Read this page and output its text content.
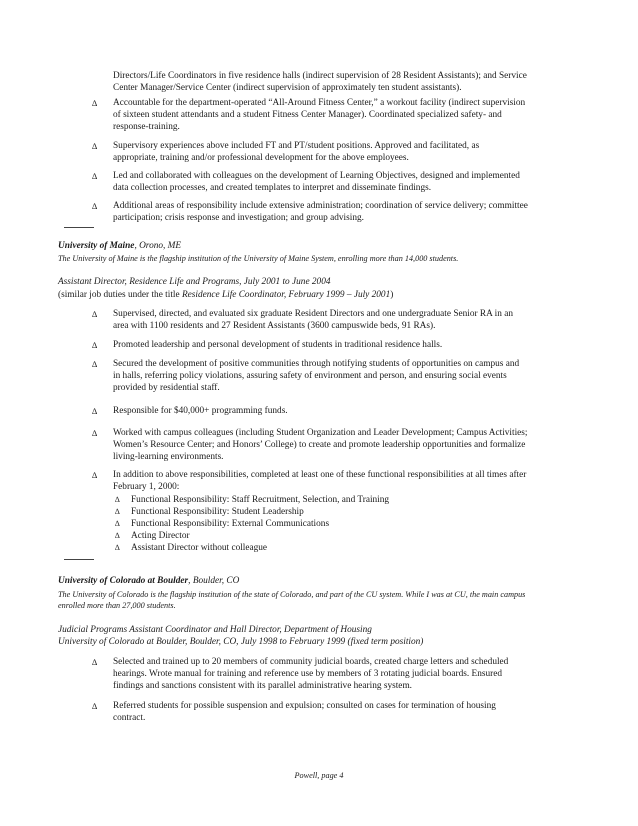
Directors/Life Coordinators in five residence halls (indirect supervision of 28 Resident Assistants); and Service
Center Manager/Service Center (indirect supervision of approximately ten student assistants).
∆ Accountable for the department-operated “All-Around Fitness Center,” a workout facility (indirect supervision
of sixteen student attendants and a student Fitness Center Manager). Coordinated specialized safety- and
response-training.
∆ Supervisory experiences above included FT and PT/student positions. Approved and facilitated, as
appropriate, training and/or professional development for the above employees.
∆ Led and collaborated with colleagues on the development of Learning Objectives, designed and implemented
data collection processes, and created templates to interpret and disseminate findings.
∆ Additional areas of responsibility include extensive administration; coordination of service delivery; committee
participation; crisis response and investigation; and group advising.
University of Maine, Orono, ME
The University of Maine is the flagship institution of the University of Maine System, enrolling more than 14,000 students.
Assistant Director, Residence Life and Programs, July 2001 to June 2004
(similar job duties under the title Residence Life Coordinator, February 1999 – July 2001)
∆ Supervised, directed, and evaluated six graduate Resident Directors and one undergraduate Senior RA in an
area with 1100 residents and 27 Resident Assistants (3600 campuswide beds, 91 RAs).
∆ Promoted leadership and personal development of students in traditional residence halls.
∆ Secured the development of positive communities through notifying students of opportunities on campus and
in halls, referring policy violations, assuring safety of environment and person, and ensuring social events
provided by residential staff.
∆ Responsible for $40,000+ programming funds.
∆ Worked with campus colleagues (including Student Organization and Leader Development; Campus Activities;
Women’s Resource Center; and Honors’ College) to create and promote leadership opportunities and formalize
living-learning environments.
∆ In addition to above responsibilities, completed at least one of these functional responsibilities at all times after
February 1, 2000:
∆ Functional Responsibility: Staff Recruitment, Selection, and Training
∆ Functional Responsibility: Student Leadership
∆ Functional Responsibility: External Communications
∆ Acting Director
∆ Assistant Director without colleague
University of Colorado at Boulder, Boulder, CO
The University of Colorado is the flagship institution of the state of Colorado, and part of the CU system. While I was at CU, the main campus
enrolled more than 27,000 students.
Judicial Programs Assistant Coordinator and Hall Director, Department of Housing
University of Colorado at Boulder, Boulder, CO, July 1998 to February 1999 (fixed term position)
∆ Selected and trained up to 20 members of community judicial boards, created charge letters and scheduled
hearings. Wrote manual for training and reference use by members of 3 rotating judicial boards. Ensured
findings and sanctions consistent with its parallel administrative hearing system.
∆ Referred students for possible suspension and expulsion; consulted on cases for termination of housing
contract.
Powell, page 4
